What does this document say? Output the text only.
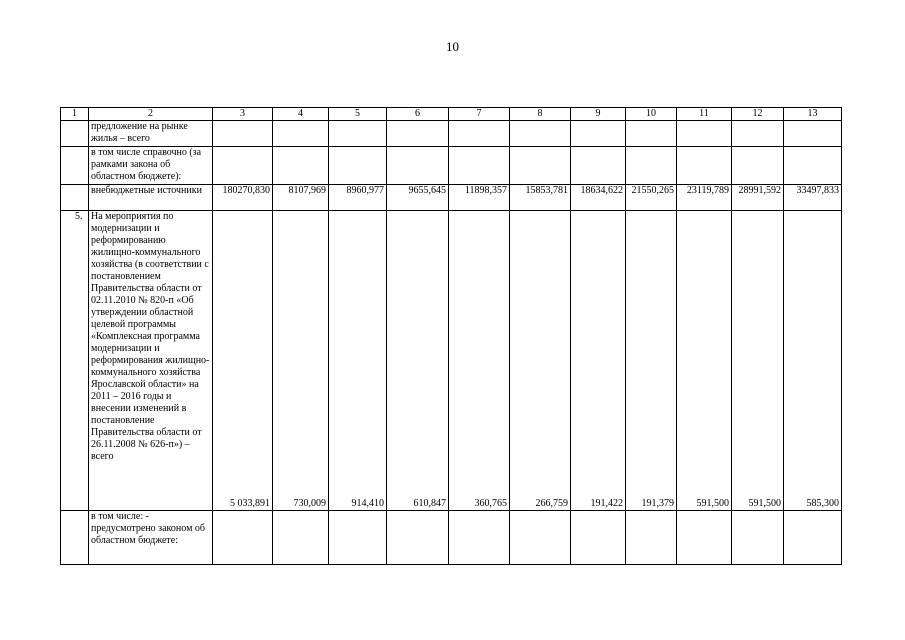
10
1	2	3	4	5	6	7	8	9	10	11	12	13
	предложение на рынке жилья – всего											
	в том числе справочно (за рамками закона об областном бюджете):											
	внебюджетные источники	180270,830	8107,969	8960,977	9655,645	11898,357	15853,781	18634,622	21550,265	23119,789	28991,592	33497,833
5.	На мероприятия по модернизации и реформированию жилищно-коммунального хозяйства (в соответствии с постановлением Правительства области от 02.11.2010 № 820-п «Об утверждении областной целевой программы «Комплексная программа модернизации и реформирования жилищно-коммунального хозяйства Ярославской области» на 2011 – 2016 годы и внесении изменений в постановление Правительства области от 26.11.2008 № 626-п») – всего	5 033,891	730,009	914,410	610,847	360,765	266,759	191,422	191,379	591,500	591,500	585,300
	в том числе: - предусмотрено законом об областном бюджете:											
